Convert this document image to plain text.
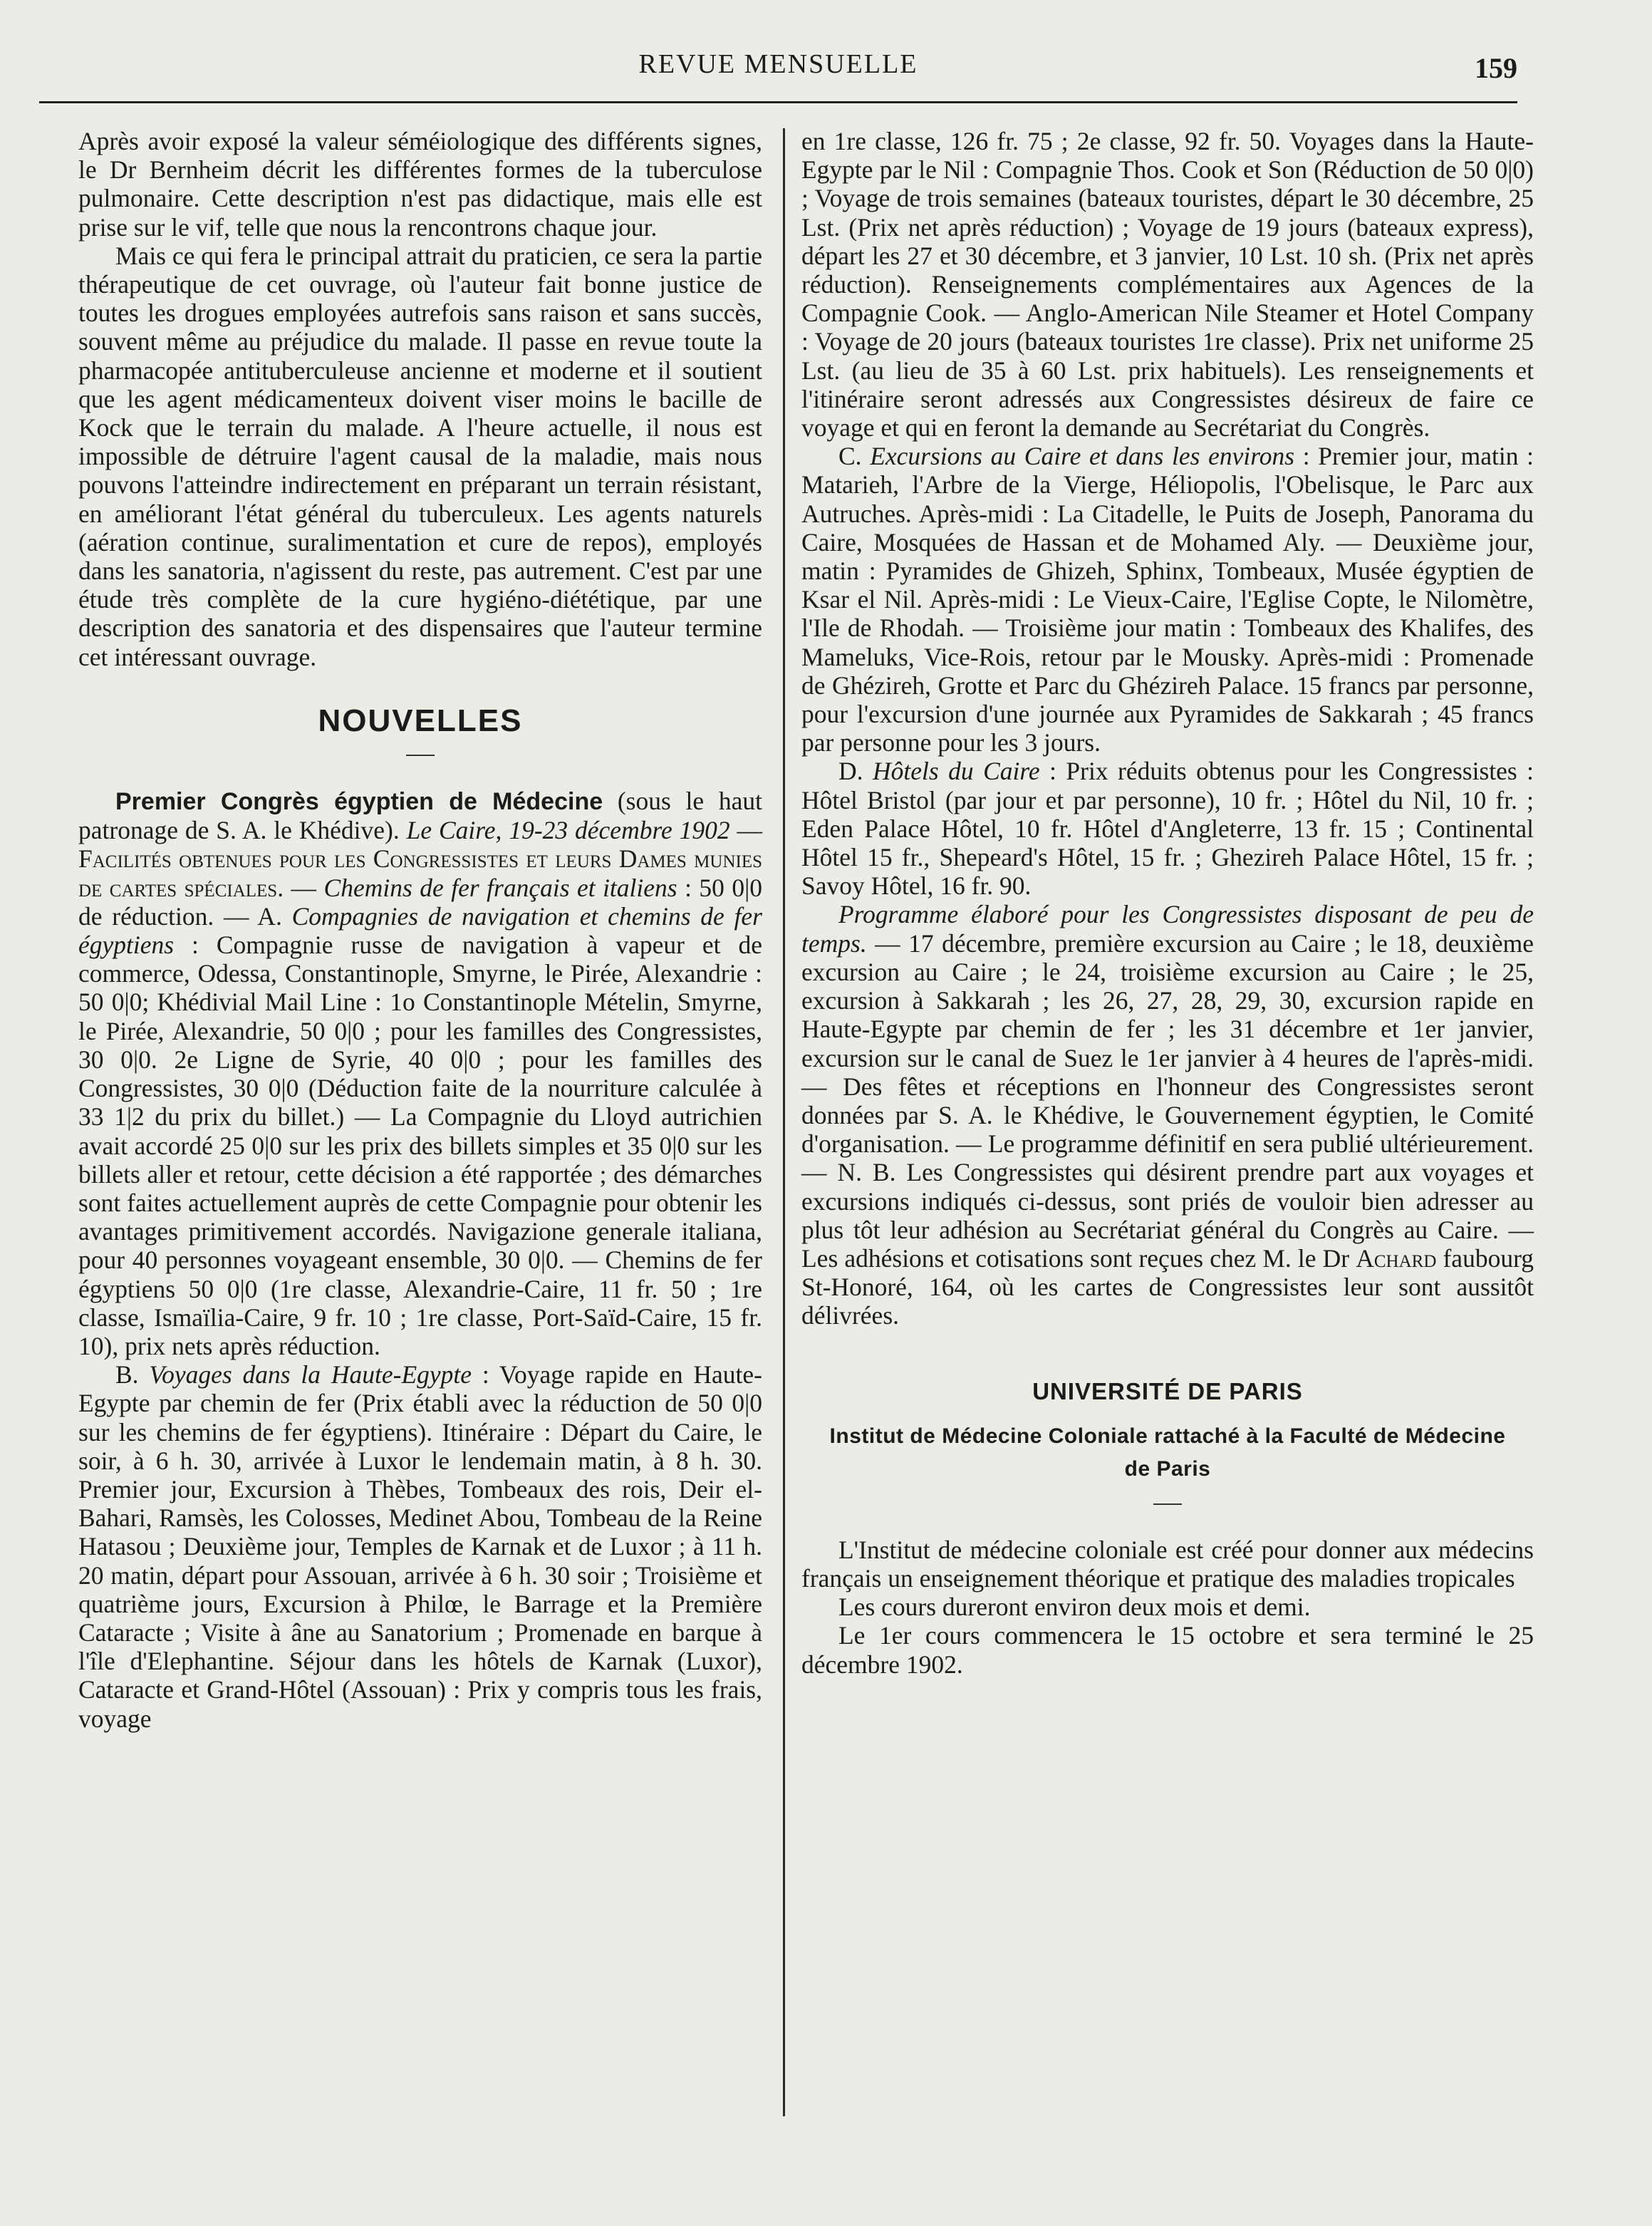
REVUE MENSUELLE	159

Après avoir exposé la valeur séméiologique des différents signes, le Dr Bernheim décrit les différentes formes de la tuberculose pulmonaire. Cette description n'est pas didactique, mais elle est prise sur le vif, telle que nous la rencontrons chaque jour.

Mais ce qui fera le principal attrait du praticien, ce sera la partie thérapeutique de cet ouvrage, où l'auteur fait bonne justice de toutes les drogues employées autrefois sans raison et sans succès, souvent même au préjudice du malade. Il passe en revue toute la pharmacopée antituberculeuse ancienne et moderne et il soutient que les agent médicamenteux doivent viser moins le bacille de Kock que le terrain du malade. A l'heure actuelle, il nous est impossible de détruire l'agent causal de la maladie, mais nous pouvons l'atteindre indirectement en préparant un terrain résistant, en améliorant l'état général du tuberculeux. Les agents naturels (aération continue, suralimentation et cure de repos), employés dans les sanatoria, n'agissent du reste, pas autrement. C'est par une étude très complète de la cure hygiéno-diététique, par une description des sanatoria et des dispensaires que l'auteur termine cet intéressant ouvrage.

NOUVELLES

Premier Congrès égyptien de Médecine (sous le haut patronage de S. A. le Khédive). Le Caire, 19-23 décembre 1902 — Facilités obtenues pour les Congressistes et leurs Dames munies de cartes spéciales. — Chemins de fer français et italiens : 50 0|0 de réduction. — A. Compagnies de navigation et chemins de fer égyptiens : Compagnie russe de navigation à vapeur et de commerce, Odessa, Constantinople, Smyrne, le Pirée, Alexandrie : 50 0|0; Khédivial Mail Line : 1o Constantinople Mételin, Smyrne, le Pirée, Alexandrie, 50 0|0 ; pour les familles des Congressistes, 30 0|0. 2e Ligne de Syrie, 40 0|0 ; pour les familles des Congressistes, 30 0|0 (Déduction faite de la nourriture calculée à 33 1|2 du prix du billet.) — La Compagnie du Lloyd autrichien avait accordé 25 0|0 sur les prix des billets simples et 35 0|0 sur les billets aller et retour, cette décision a été rapportée ; des démarches sont faites actuellement auprès de cette Compagnie pour obtenir les avantages primitivement accordés. Navigazione generale italiana, pour 40 personnes voyageant ensemble, 30 0|0. — Chemins de fer égyptiens 50 0|0 (1re classe, Alexandrie-Caire, 11 fr. 50 ; 1re classe, Ismaïlia-Caire, 9 fr. 10 ; 1re classe, Port-Saïd-Caire, 15 fr. 10), prix nets après réduction.

B. Voyages dans la Haute-Egypte : Voyage rapide en Haute-Egypte par chemin de fer (Prix établi avec la réduction de 50 0|0 sur les chemins de fer égyptiens). Itinéraire : Départ du Caire, le soir, à 6 h. 30, arrivée à Luxor le lendemain matin, à 8 h. 30. Premier jour, Excursion à Thèbes, Tombeaux des rois, Deir el-Bahari, Ramsès, les Colosses, Medinet Abou, Tombeau de la Reine Hatasou ; Deuxième jour, Temples de Karnak et de Luxor ; à 11 h. 20 matin, départ pour Assouan, arrivée à 6 h. 30 soir ; Troisième et quatrième jours, Excursion à Philœ, le Barrage et la Première Cataracte ; Visite à âne au Sanatorium ; Promenade en barque à l'île d'Elephantine. Séjour dans les hôtels de Karnak (Luxor), Cataracte et Grand-Hôtel (Assouan) : Prix y compris tous les frais, voyage

en 1re classe, 126 fr. 75 ; 2e classe, 92 fr. 50. Voyages dans la Haute-Egypte par le Nil : Compagnie Thos. Cook et Son (Réduction de 50 0|0) ; Voyage de trois semaines (bateaux touristes, départ le 30 décembre, 25 Lst. (Prix net après réduction) ; Voyage de 19 jours (bateaux express), départ les 27 et 30 décembre, et 3 janvier, 10 Lst. 10 sh. (Prix net après réduction). Renseignements complémentaires aux Agences de la Compagnie Cook. — Anglo-American Nile Steamer et Hotel Company : Voyage de 20 jours (bateaux touristes 1re classe). Prix net uniforme 25 Lst. (au lieu de 35 à 60 Lst. prix habituels). Les renseignements et l'itinéraire seront adressés aux Congressistes désireux de faire ce voyage et qui en feront la demande au Secrétariat du Congrès.

C. Excursions au Caire et dans les environs : Premier jour, matin : Matarieh, l'Arbre de la Vierge, Héliopolis, l'Obelisque, le Parc aux Autruches. Après-midi : La Citadelle, le Puits de Joseph, Panorama du Caire, Mosquées de Hassan et de Mohamed Aly. — Deuxième jour, matin : Pyramides de Ghizeh, Sphinx, Tombeaux, Musée égyptien de Ksar el Nil. Après-midi : Le Vieux-Caire, l'Eglise Copte, le Nilomètre, l'Ile de Rhodah. — Troisième jour matin : Tombeaux des Khalifes, des Mameluks, Vice-Rois, retour par le Mousky. Après-midi : Promenade de Ghézireh, Grotte et Parc du Ghézireh Palace. 15 francs par personne, pour l'excursion d'une journée aux Pyramides de Sakkarah ; 45 francs par personne pour les 3 jours.

D. Hôtels du Caire : Prix réduits obtenus pour les Congressistes : Hôtel Bristol (par jour et par personne), 10 fr. ; Hôtel du Nil, 10 fr. ; Eden Palace Hôtel, 10 fr. Hôtel d'Angleterre, 13 fr. 15 ; Continental Hôtel 15 fr., Shepeard's Hôtel, 15 fr. ; Ghezireh Palace Hôtel, 15 fr. ; Savoy Hôtel, 16 fr. 90.

Programme élaboré pour les Congressistes disposant de peu de temps. — 17 décembre, première excursion au Caire ; le 18, deuxième excursion au Caire ; le 24, troisième excursion au Caire ; le 25, excursion à Sakkarah ; les 26, 27, 28, 29, 30, excursion rapide en Haute-Egypte par chemin de fer ; les 31 décembre et 1er janvier, excursion sur le canal de Suez le 1er janvier à 4 heures de l'après-midi. — Des fêtes et réceptions en l'honneur des Congressistes seront données par S. A. le Khédive, le Gouvernement égyptien, le Comité d'organisation. — Le programme définitif en sera publié ultérieurement. — N. B. Les Congressistes qui désirent prendre part aux voyages et excursions indiqués ci-dessus, sont priés de vouloir bien adresser au plus tôt leur adhésion au Secrétariat général du Congrès au Caire. — Les adhésions et cotisations sont reçues chez M. le Dr Achard faubourg St-Honoré, 164, où les cartes de Congressistes leur sont aussitôt délivrées.

UNIVERSITÉ DE PARIS
Institut de Médecine Coloniale rattaché à la Faculté de Médecine de Paris

L'Institut de médecine coloniale est créé pour donner aux médecins français un enseignement théorique et pratique des maladies tropicales

Les cours dureront environ deux mois et demi.

Le 1er cours commencera le 15 octobre et sera terminé le 25 décembre 1902.
